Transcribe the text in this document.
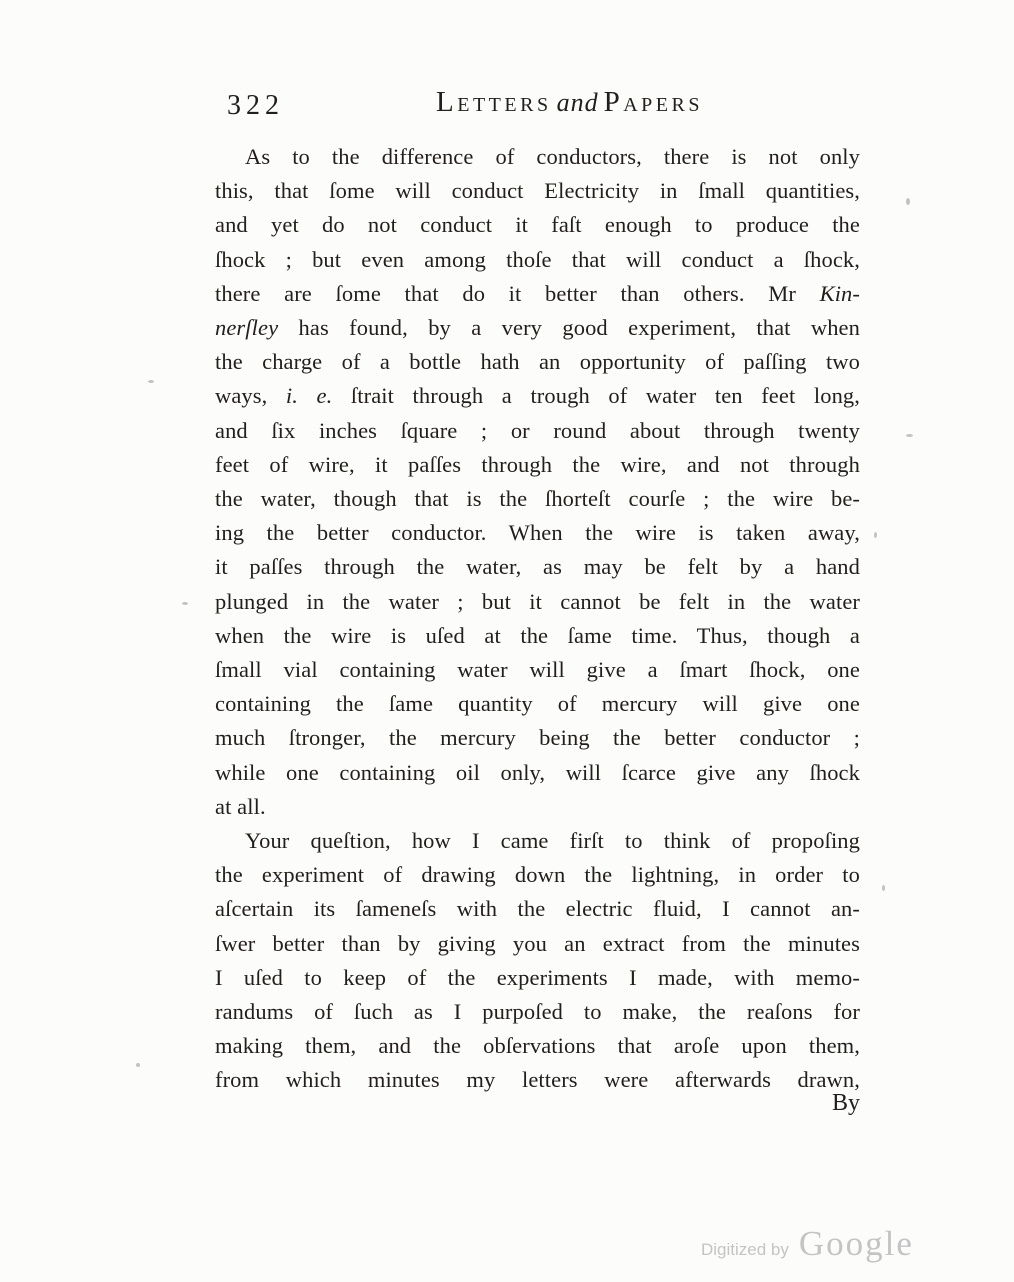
322	Letters and Papers
As to the difference of conductors, there is not only
this, that ſome will conduct Electricity in ſmall quantities,
and yet do not conduct it faſt enough to produce the
ſhock ; but even among thoſe that will conduct a ſhock,
there are ſome that do it better than others. Mr Kin-
nerſley has found, by a very good experiment, that when
the charge of a bottle hath an opportunity of paſſing two
ways, i. e. ſtrait through a trough of water ten feet long,
and ſix inches ſquare ; or round about through twenty
feet of wire, it paſſes through the wire, and not through
the water, though that is the ſhorteſt courſe ; the wire be-
ing the better conductor. When the wire is taken away,
it paſſes through the water, as may be felt by a hand
plunged in the water ; but it cannot be felt in the water
when the wire is uſed at the ſame time. Thus, though a
ſmall vial containing water will give a ſmart ſhock, one
containing the ſame quantity of mercury will give one
much ſtronger, the mercury being the better conductor ;
while one containing oil only, will ſcarce give any ſhock
at all.
Your queſtion, how I came firſt to think of propoſing
the experiment of drawing down the lightning, in order to
aſcertain its ſameneſs with the electric fluid, I cannot an-
ſwer better than by giving you an extract from the minutes
I uſed to keep of the experiments I made, with memo-
randums of ſuch as I purpoſed to make, the reaſons for
making them, and the obſervations that aroſe upon them,
from which minutes my letters were afterwards drawn,
By
Digitized by Google
